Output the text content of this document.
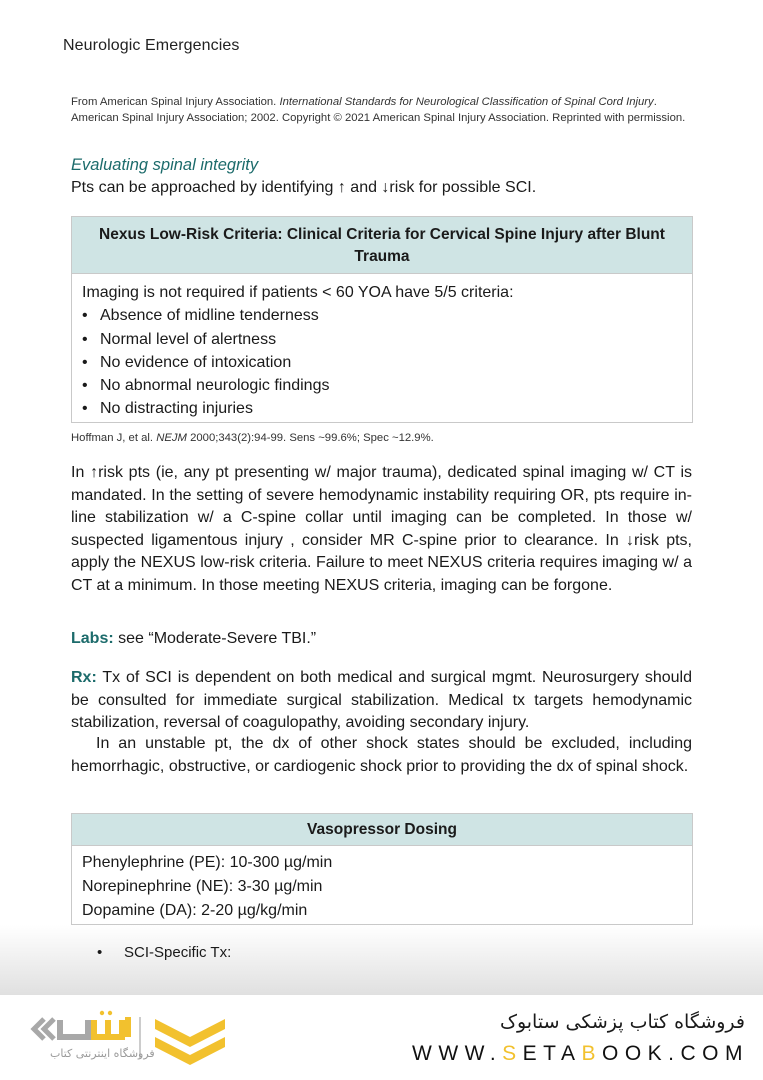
Neurologic Emergencies
From American Spinal Injury Association. International Standards for Neurological Classification of Spinal Cord Injury. American Spinal Injury Association; 2002. Copyright © 2021 American Spinal Injury Association. Reprinted with permission.
Evaluating spinal integrity
Pts can be approached by identifying ↑ and ↓risk for possible SCI.
Nexus Low-Risk Criteria: Clinical Criteria for Cervical Spine Injury after Blunt Trauma
Imaging is not required if patients < 60 YOA have 5/5 criteria:
• Absence of midline tenderness
• Normal level of alertness
• No evidence of intoxication
• No abnormal neurologic findings
• No distracting injuries
Hoffman J, et al. NEJM 2000;343(2):94-99. Sens ~99.6%; Spec ~12.9%.
In ↑risk pts (ie, any pt presenting w/ major trauma), dedicated spinal imaging w/ CT is mandated. In the setting of severe hemodynamic instability requiring OR, pts require in-line stabilization w/ a C-spine collar until imaging can be completed. In those w/ suspected ligamentous injury , consider MR C-spine prior to clearance. In ↓risk pts, apply the NEXUS low-risk criteria. Failure to meet NEXUS criteria requires imaging w/ a CT at a minimum. In those meeting NEXUS criteria, imaging can be forgone.
Labs: see “Moderate-Severe TBI.”
Rx: Tx of SCI is dependent on both medical and surgical mgmt. Neurosurgery should be consulted for immediate surgical stabilization. Medical tx targets hemodynamic stabilization, reversal of coagulopathy, avoiding secondary injury.
In an unstable pt, the dx of other shock states should be excluded, including hemorrhagic, obstructive, or cardiogenic shock prior to providing the dx of spinal shock.
Vasopressor Dosing
Phenylephrine (PE): 10-300 µg/min
Norepinephrine (NE): 3-30 µg/min
Dopamine (DA): 2-20 µg/kg/min
•	SCI-Specific Tx:
فروشگاه اینترنتی کتاب
فروشگاه کتاب پزشکی ستابوک
WWW.SETABOOK.COM
